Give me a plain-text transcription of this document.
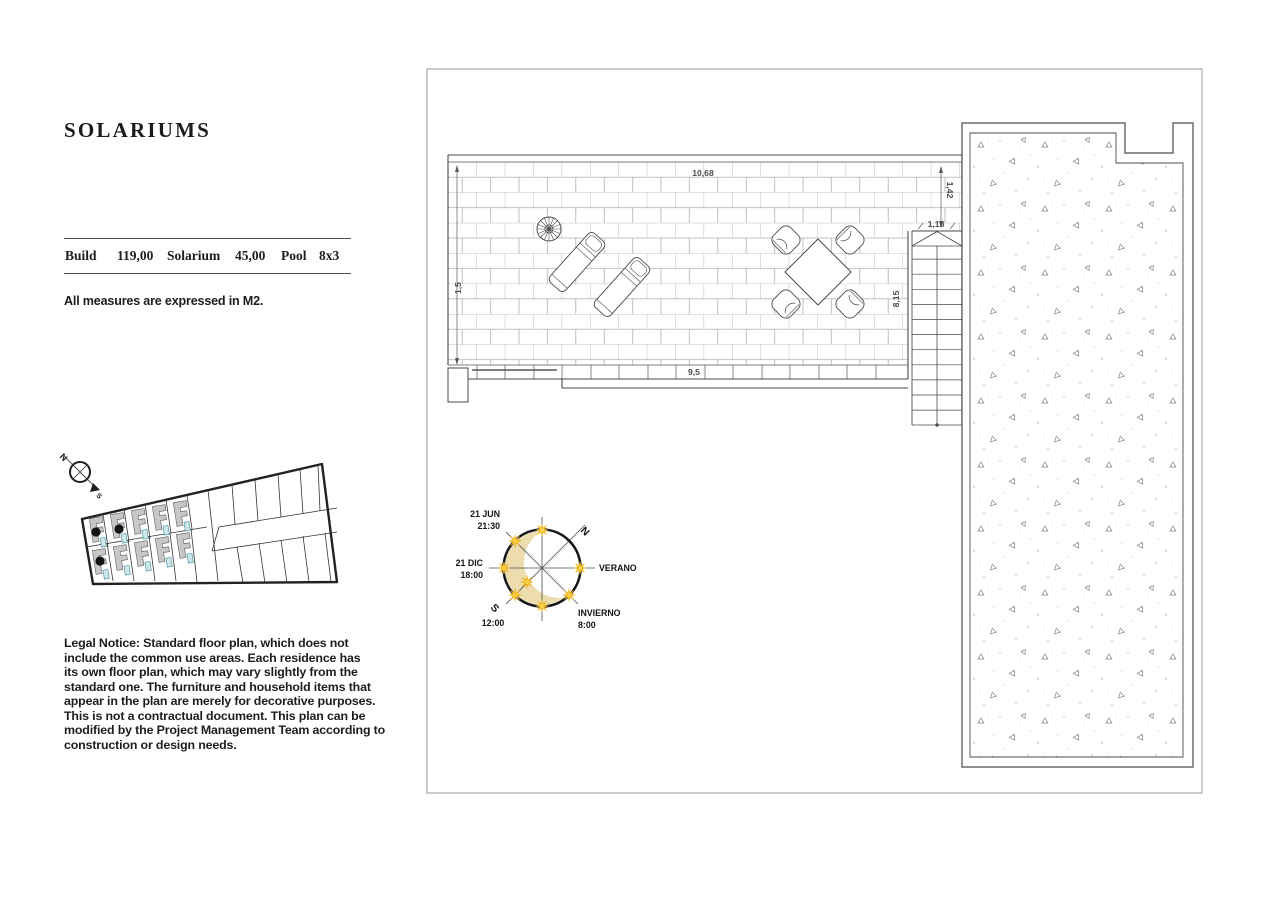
SOLARIUMS
Build 119,00 Solarium 45,00 Pool 8x3
All measures are expressed in M2.
Legal Notice: Standard floor plan, which does not
include the common use areas. Each residence has
its own floor plan, which may vary slightly from the
standard one. The furniture and household items that
appear in the plan are merely for decorative purposes.
This is not a contractual document. This plan can be
modified by the Project Management Team according to
construction or design needs.
1,5
10,68
9,5
8,15
1,42
1,18
21 JUN
21:30
21 DIC
18:00
N
S
VERANO
12:00
INVIERNO
8:00
N
S
